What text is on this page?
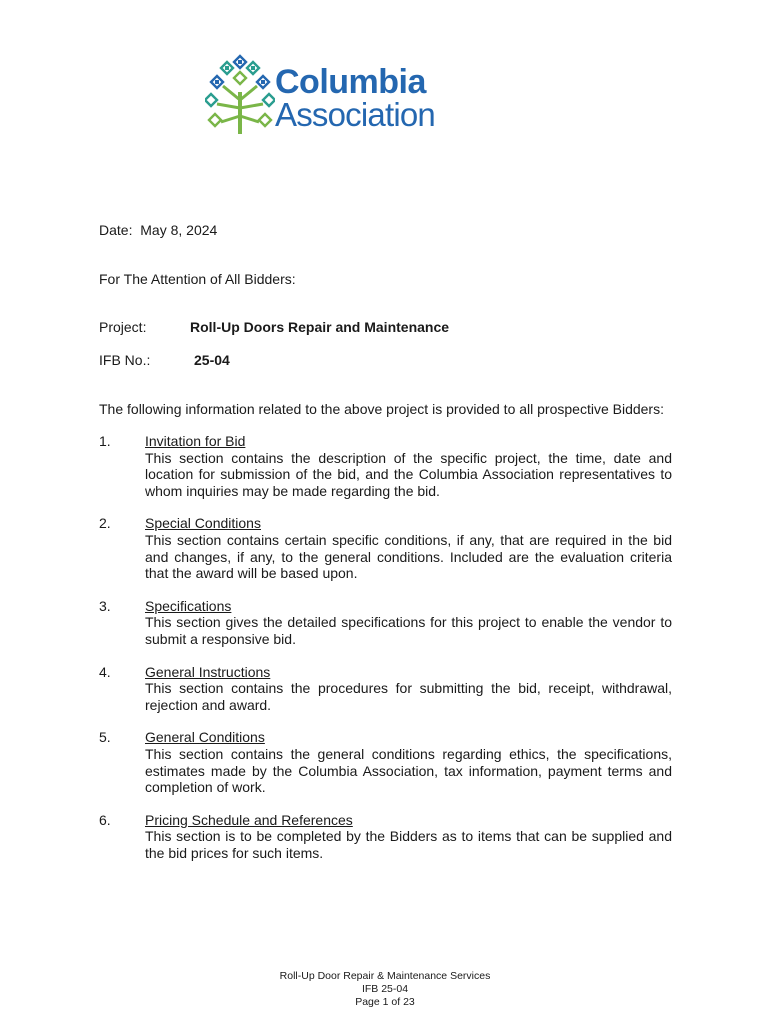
Columbia
Association
Date: May 8, 2024
For The Attention of All Bidders:
Project:	Roll-Up Doors Repair and Maintenance
IFB No.:	25-04
The following information related to the above project is provided to all prospective Bidders:
1. Invitation for Bid
This section contains the description of the specific project, the time, date and location for submission of the bid, and the Columbia Association representatives to whom inquiries may be made regarding the bid.
2. Special Conditions
This section contains certain specific conditions, if any, that are required in the bid and changes, if any, to the general conditions. Included are the evaluation criteria that the award will be based upon.
3. Specifications
This section gives the detailed specifications for this project to enable the vendor to submit a responsive bid.
4. General Instructions
This section contains the procedures for submitting the bid, receipt, withdrawal, rejection and award.
5. General Conditions
This section contains the general conditions regarding ethics, the specifications, estimates made by the Columbia Association, tax information, payment terms and completion of work.
6. Pricing Schedule and References
This section is to be completed by the Bidders as to items that can be supplied and the bid prices for such items.
Roll-Up Door Repair & Maintenance Services
IFB 25-04
Page 1 of 23
